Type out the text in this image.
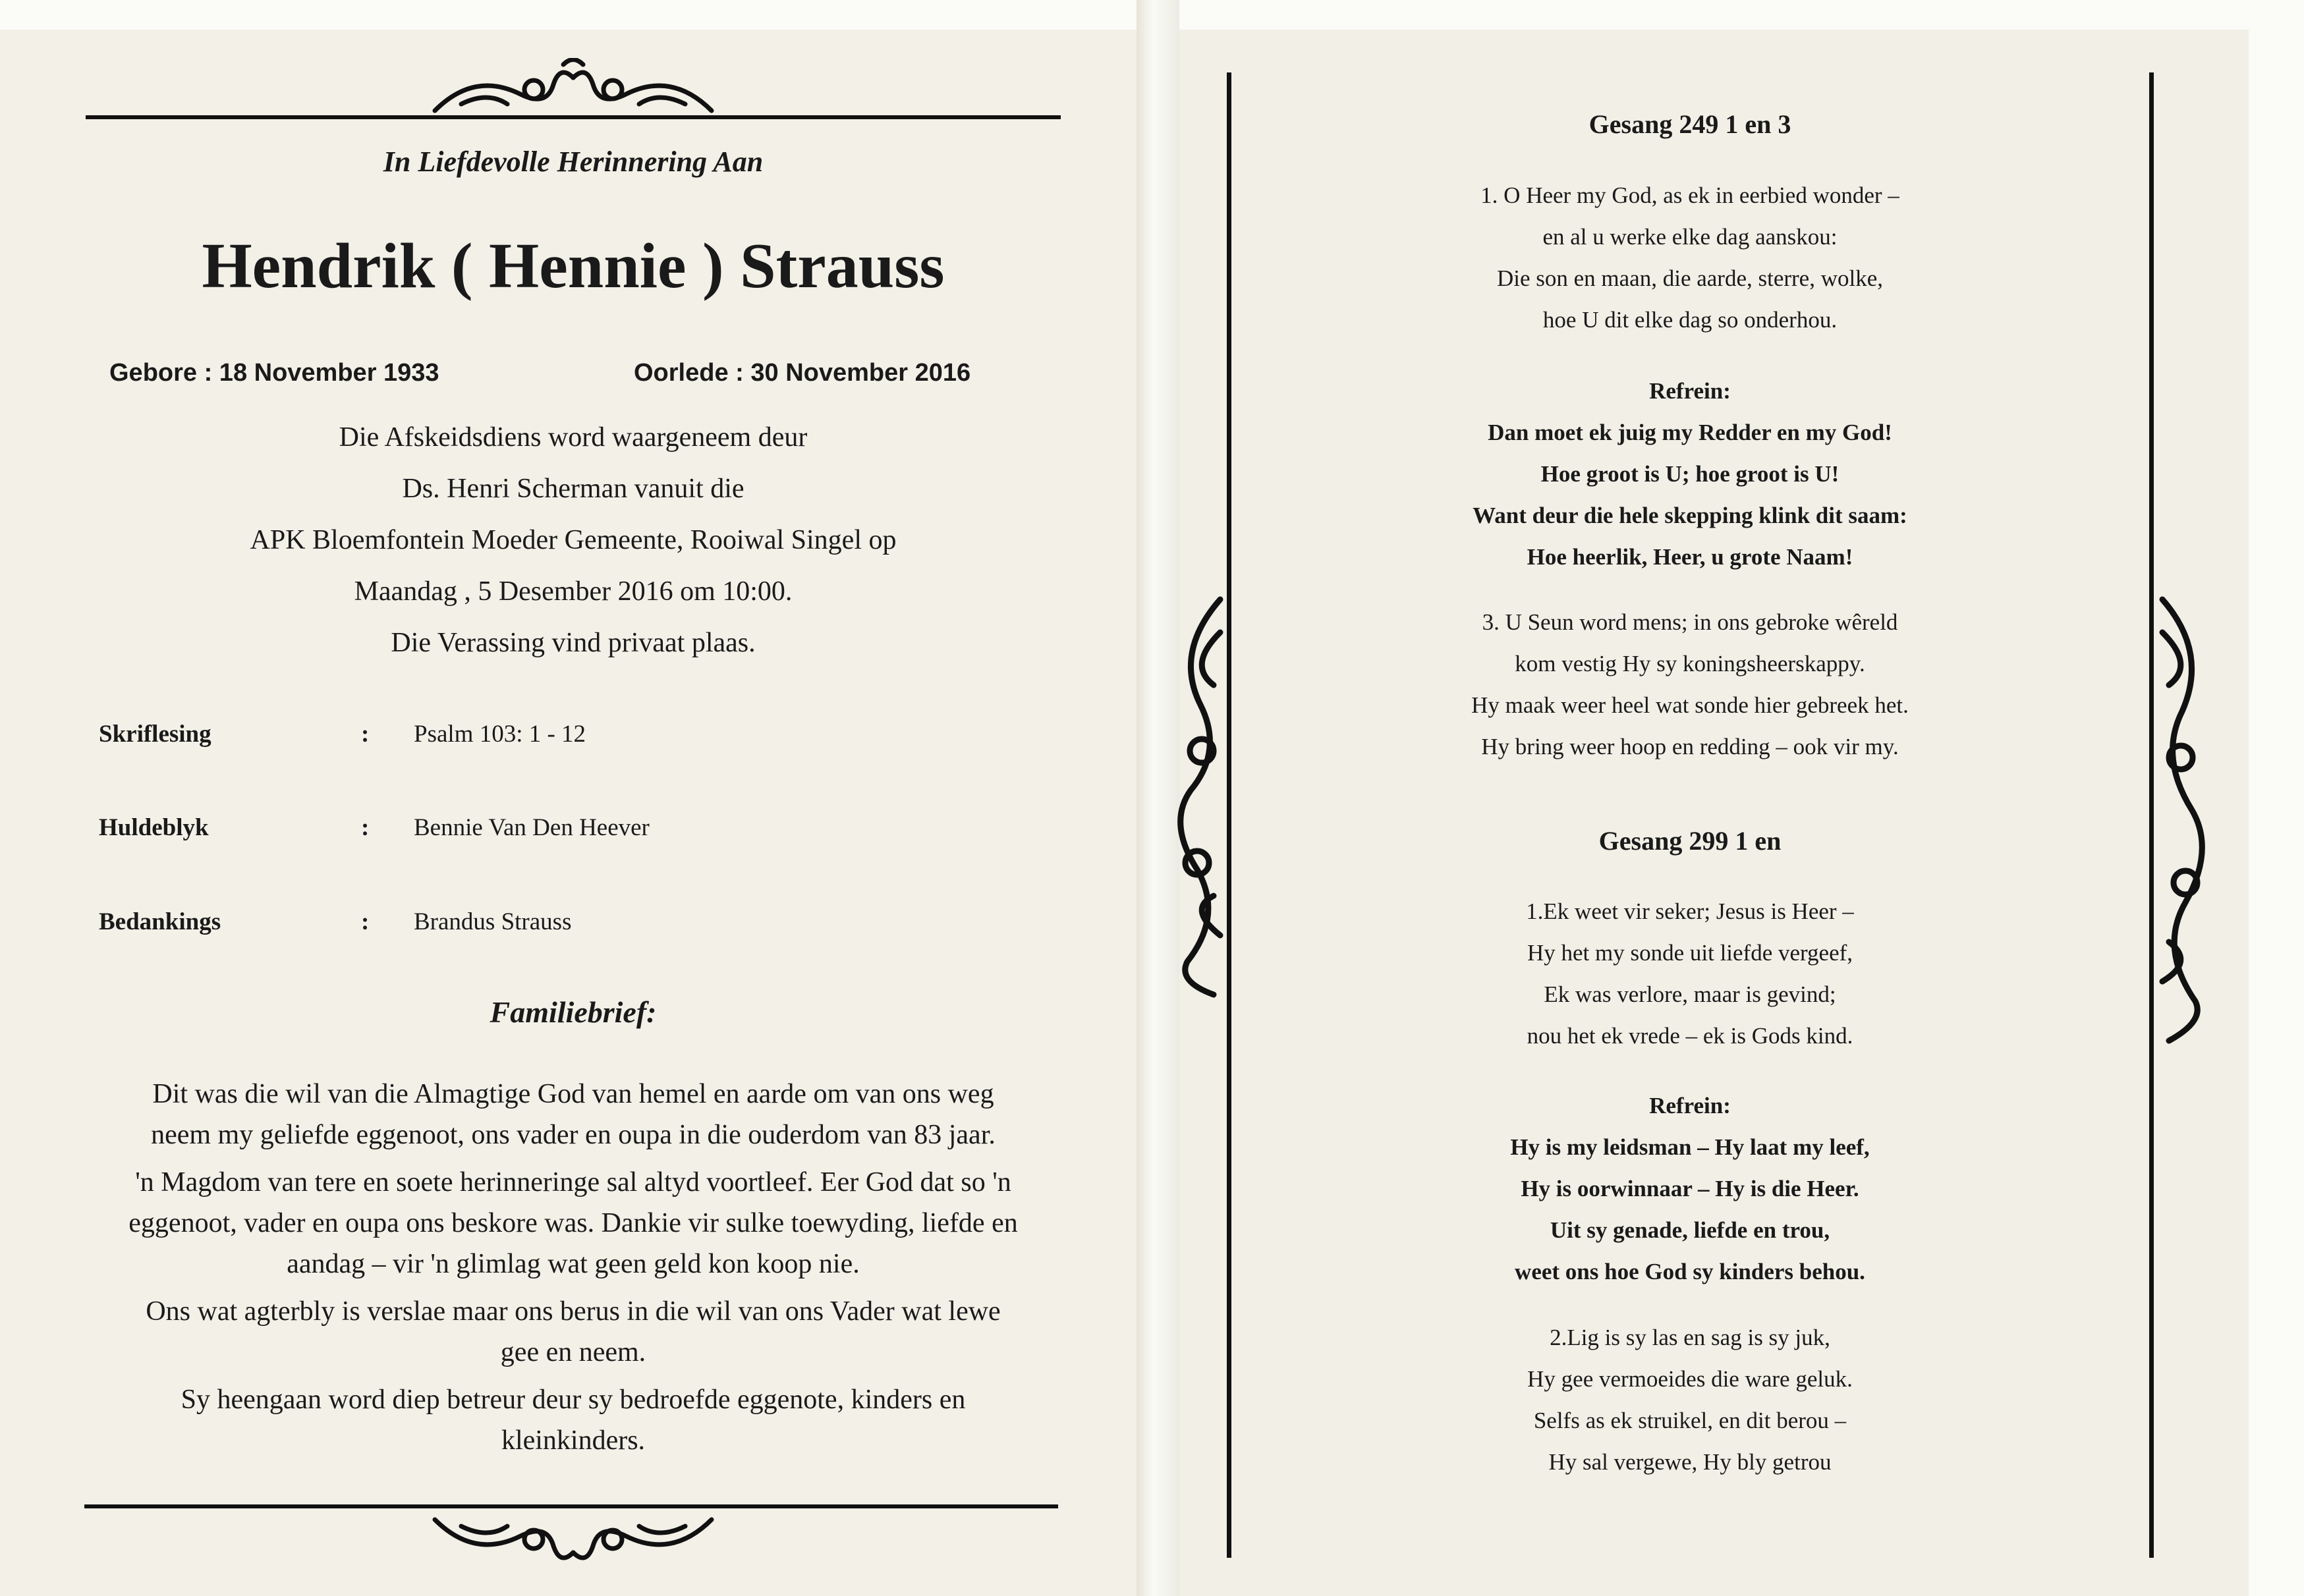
In Liefdevolle Herinnering Aan
Hendrik ( Hennie ) Strauss
Gebore : 18 November 1933	Oorlede : 30 November 2016
Die Afskeidsdiens word waargeneem deur
Ds. Henri Scherman vanuit die
APK Bloemfontein Moeder Gemeente, Rooiwal Singel op
Maandag , 5 Desember 2016 om 10:00.
Die Verassing vind privaat plaas.
Skriflesing	: Psalm 103: 1 - 12
Huldeblyk	: Bennie Van Den Heever
Bedankings	: Brandus Strauss
Familiebrief:
Dit was die wil van die Almagtige God van hemel en aarde om van ons weg
neem my geliefde eggenoot, ons vader en oupa in die ouderdom van 83 jaar.
'n Magdom van tere en soete herinneringe sal altyd voortleef. Eer God dat so 'n
eggenoot, vader en oupa ons beskore was. Dankie vir sulke toewyding, liefde en
aandag – vir 'n glimlag wat geen geld kon koop nie.
Ons wat agterbly is verslae maar ons berus in die wil van ons Vader wat lewe
gee en neem.
Sy heengaan word diep betreur deur sy bedroefde eggenote, kinders en
kleinkinders.
Gesang 249 1 en 3
1. O Heer my God, as ek in eerbied wonder –
en al u werke elke dag aanskou:
Die son en maan, die aarde, sterre, wolke,
hoe U dit elke dag so onderhou.
Refrein:
Dan moet ek juig my Redder en my God!
Hoe groot is U; hoe groot is U!
Want deur die hele skepping klink dit saam:
Hoe heerlik, Heer, u grote Naam!
3. U Seun word mens; in ons gebroke wêreld
kom vestig Hy sy koningsheerskappy.
Hy maak weer heel wat sonde hier gebreek het.
Hy bring weer hoop en redding – ook vir my.
Gesang 299 1 en
1.Ek weet vir seker; Jesus is Heer –
Hy het my sonde uit liefde vergeef,
Ek was verlore, maar is gevind;
nou het ek vrede – ek is Gods kind.
Refrein:
Hy is my leidsman – Hy laat my leef,
Hy is oorwinnaar – Hy is die Heer.
Uit sy genade, liefde en trou,
weet ons hoe God sy kinders behou.
2.Lig is sy las en sag is sy juk,
Hy gee vermoeides die ware geluk.
Selfs as ek struikel, en dit berou –
Hy sal vergewe, Hy bly getrou
